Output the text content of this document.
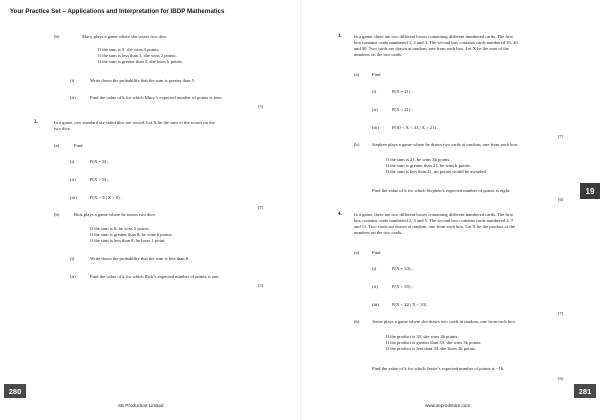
Your Practice Set – Applications and Interpretation for IBDP Mathematics
(b)	Macy plays a game where she tosses two dice.
If the sum is 5, she wins 3 points.
If the sum is less than 5, she wins 2 points.
If the sum is greater than 5, she loses k points.
(i)	Write down the probability that the sum is greater than 5.
(ii)	Find the value of k for which Macy’s expected number of points is zero.
[5]
2.	In a game, two standard six-sided dice are tossed. Let X be the sum of the scores on the
two dice.
(a)	Find
(i)	P(X = 8) ;
(ii)	P(X > 8) ;
(iii)	P(X > 9 | X > 8) .
[7]
(b)	Rick plays a game where he tosses two dice.
If the sum is 8, he wins 5 points.
If the sum is greater than 8, he wins k points.
If the sum is less than 8, he loses 1 point.
(i)	Write down the probability that the sum is less than 8.
(ii)	Find the value of k for which Rick’s expected number of points is one.
[5]
280
SE Production Limited
3.	In a game, there are two different boxes containing different numbered cards. The first
box contains cards numbered 1, 2 and 3. The second box contains cards numbered 10, 20
and 30. Two cards are drawn at random, one from each box. Let X be the sum of the
numbers on the two cards.
(a)	Find
(i)	P(X = 21) ;
(ii)	P(X > 21) ;
(iii)	P(30 < X < 33 | X > 21) .
[7]
(b)	Stephen plays a game where he draws two cards at random, one from each box.
If the sum is 21, he wins 3k points.
If the sum is greater than 21, he wins k points.
If the sum is less than 21, no points would be awarded.
Find the value of k for which Stephen’s expected number of points is eight.
[6]
4.	In a game, there are two different boxes containing different numbered cards. The first
box contains cards numbered 2, 3 and 5. The second box contains cards numbered 2, 7
and 11. Two cards are drawn at random, one from each box. Let X be the product of the
numbers on the two cards.
(a)	Find
(i)	P(X = 33) ;
(ii)	P(X > 35) ;
(iii)	P(X < 22 | X < 33) .
[7]
(b)	Jessie plays a game where she draws two cards at random, one from each box.
If the product is 33, she wins 4k points.
If the product is greater than 33, she wins 3k points.
If the product is less than 33, she loses 2k points.
Find the value of k for which Jessie’s expected number of points is −16.
[6]
19
281
www.seprodstore.com
